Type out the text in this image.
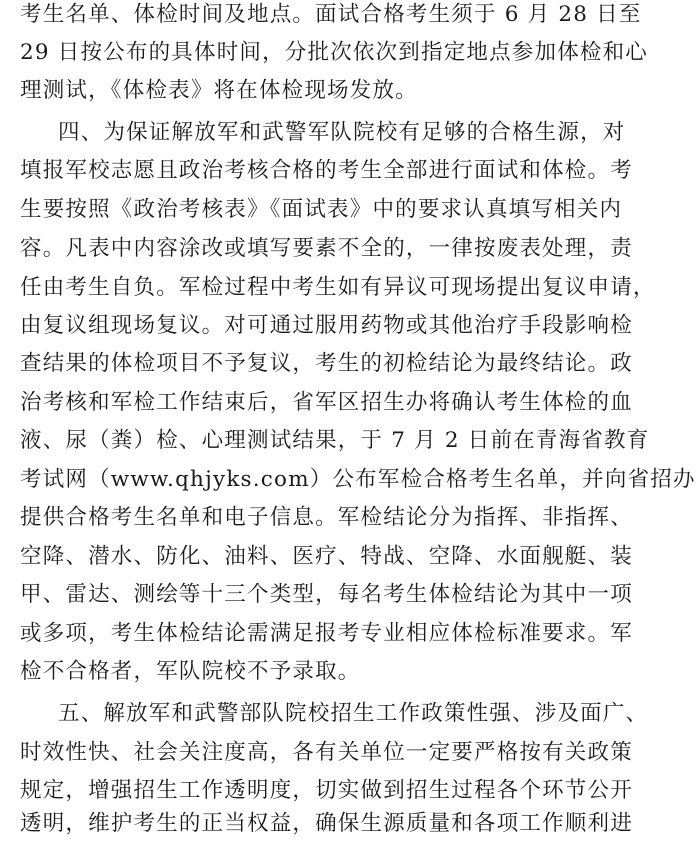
考生名单、体检时间及地点。面试合格考生须于 6 月 28 日至
29 日按公布的具体时间，分批次依次到指定地点参加体检和心
理测试，《体检表》将在体检现场发放。
四、为保证解放军和武警军队院校有足够的合格生源，对
填报军校志愿且政治考核合格的考生全部进行面试和体检。考
生要按照《政治考核表》《面试表》中的要求认真填写相关内
容。凡表中内容涂改或填写要素不全的，一律按废表处理，责
任由考生自负。军检过程中考生如有异议可现场提出复议申请，
由复议组现场复议。对可通过服用药物或其他治疗手段影响检
查结果的体检项目不予复议，考生的初检结论为最终结论。政
治考核和军检工作结束后，省军区招生办将确认考生体检的血
液、尿（粪）检、心理测试结果，于 7 月 2 日前在青海省教育
考试网（www.qhjyks.com）公布军检合格考生名单，并向省招办
提供合格考生名单和电子信息。军检结论分为指挥、非指挥、
空降、潜水、防化、油料、医疗、特战、空降、水面舰艇、装
甲、雷达、测绘等十三个类型，每名考生体检结论为其中一项
或多项，考生体检结论需满足报考专业相应体检标准要求。军
检不合格者，军队院校不予录取。
五、解放军和武警部队院校招生工作政策性强、涉及面广、
时效性快、社会关注度高，各有关单位一定要严格按有关政策
规定，增强招生工作透明度，切实做到招生过程各个环节公开
透明，维护考生的正当权益，确保生源质量和各项工作顺利进
